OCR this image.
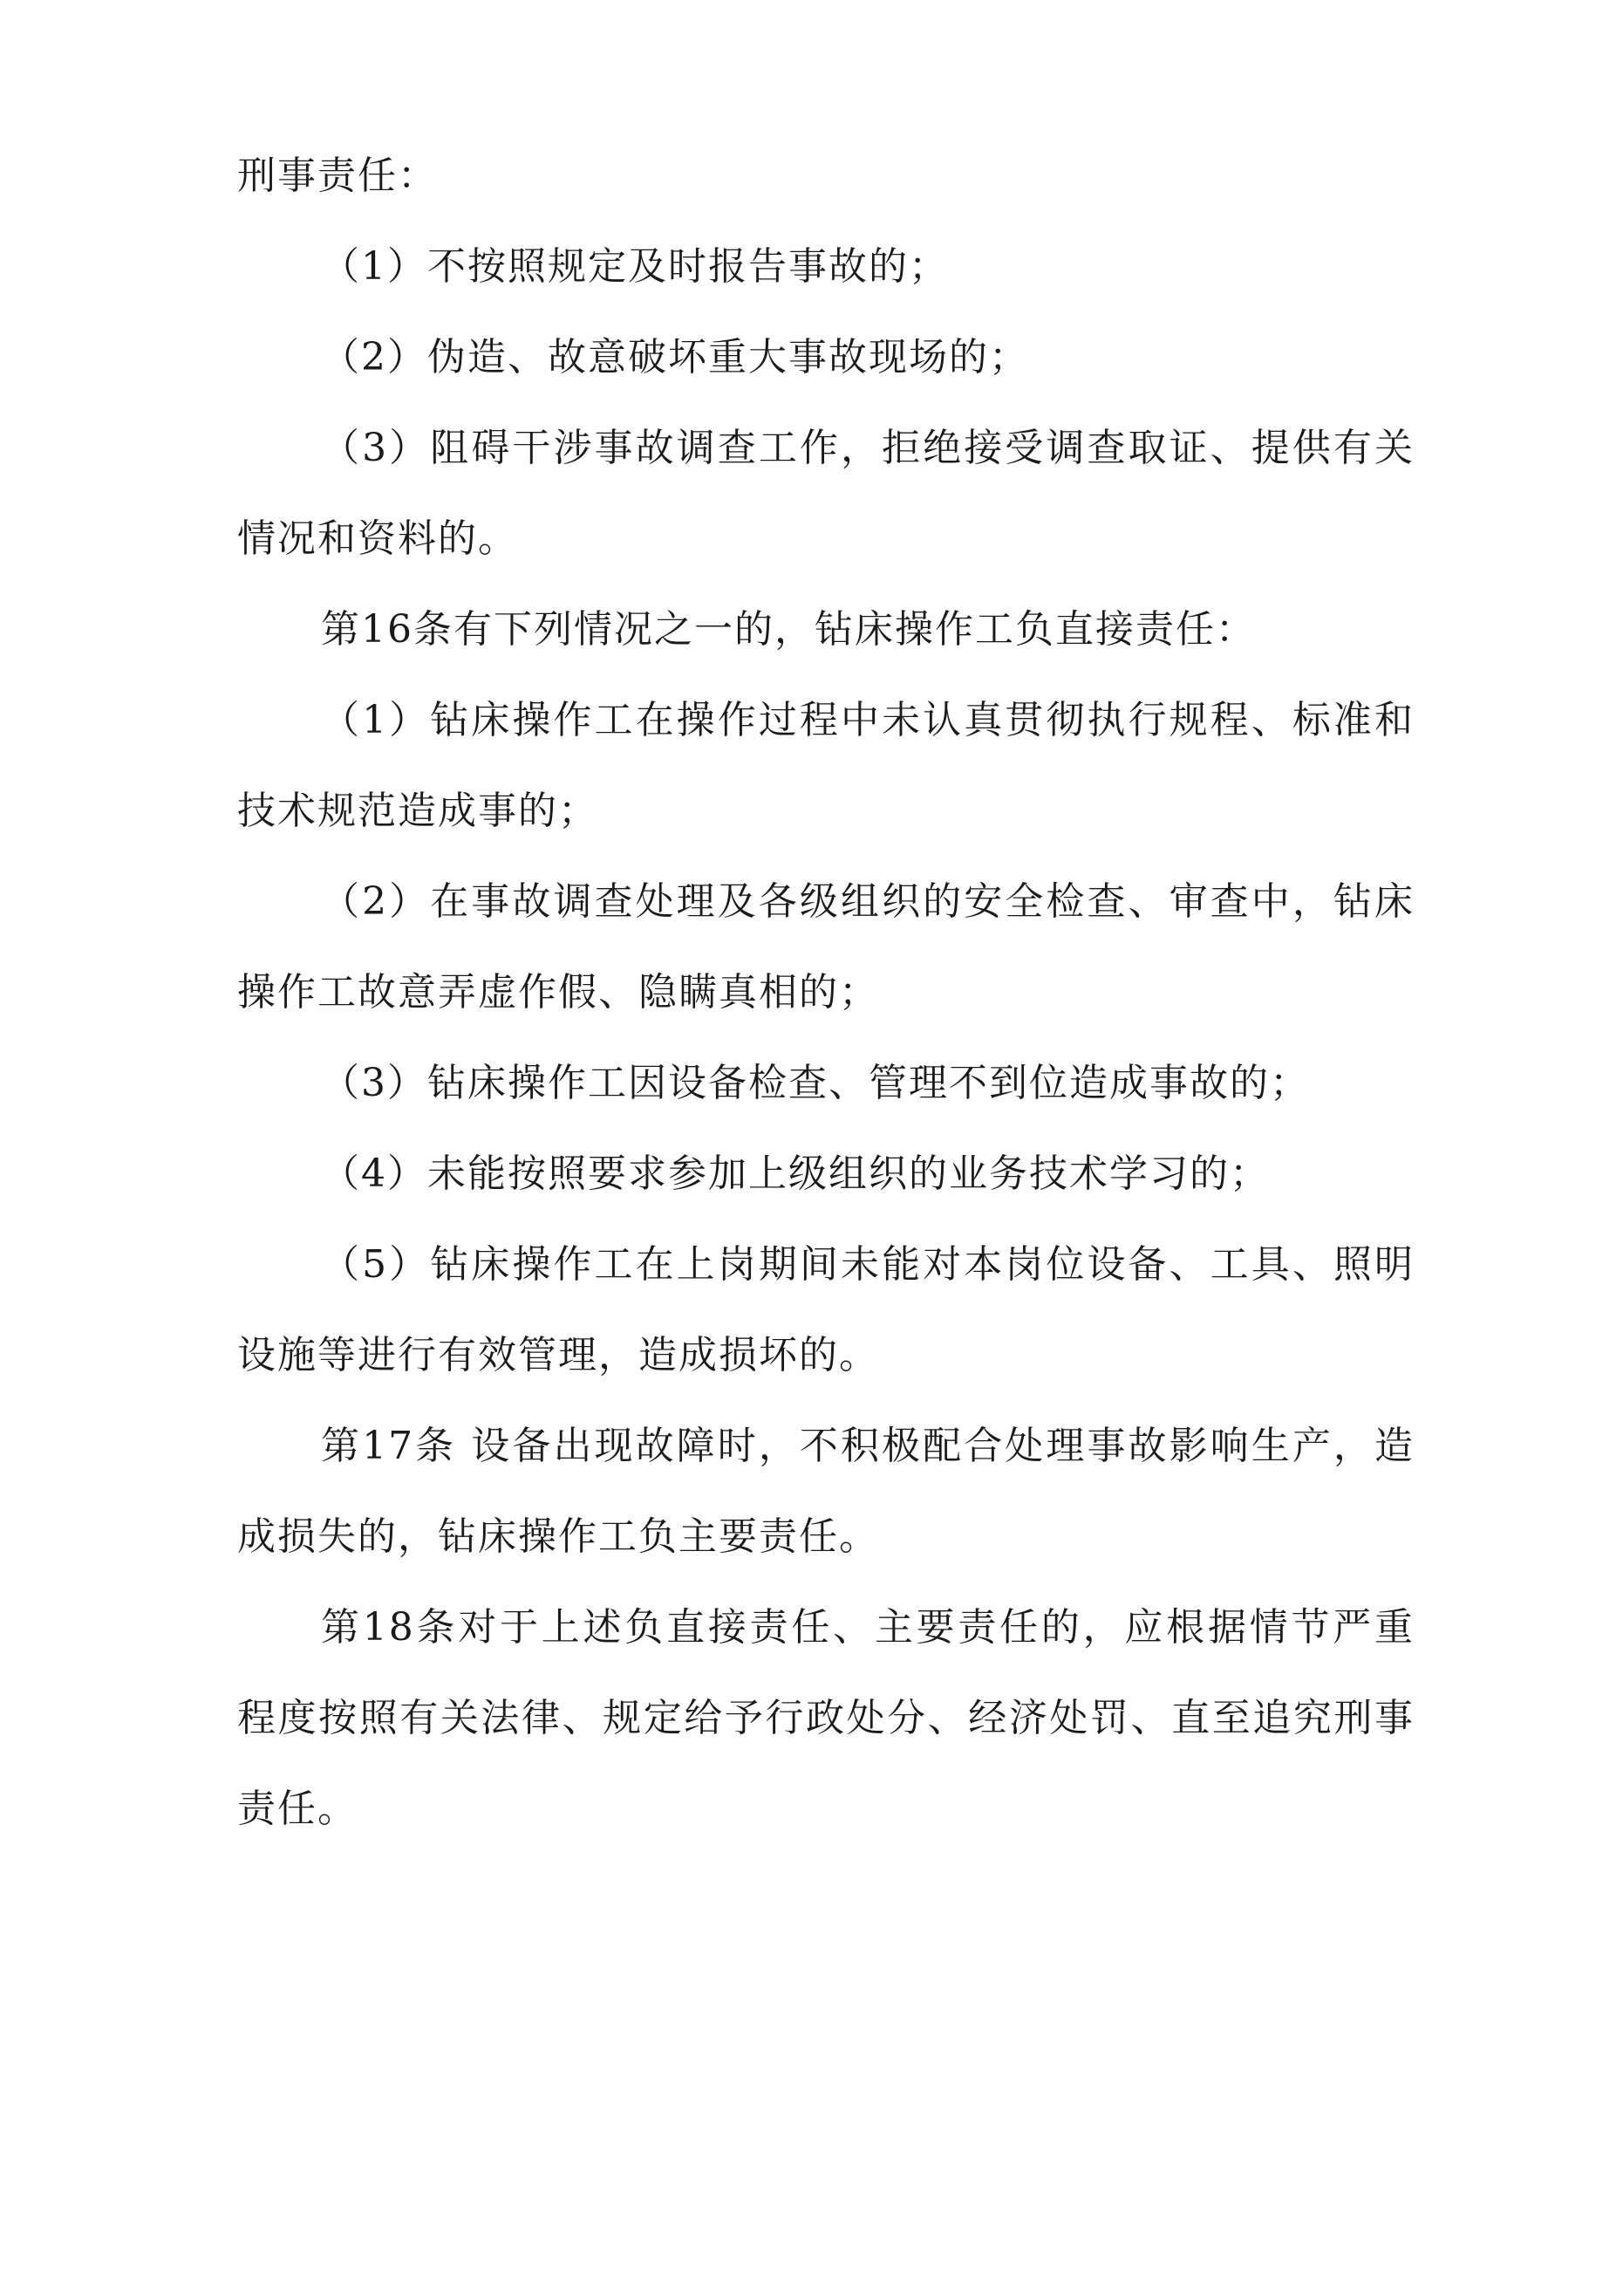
刑事责任：

（1）不按照规定及时报告事故的；

（2）伪造、故意破坏重大事故现场的；

（3）阻碍干涉事故调查工作，拒绝接受调查取证、提供有关情况和资料的。

第16条有下列情况之一的，钻床操作工负直接责任：

（1）钻床操作工在操作过程中未认真贯彻执行规程、标准和技术规范造成事的；

（2）在事故调查处理及各级组织的安全检查、审查中，钻床操作工故意弄虚作假、隐瞒真相的；

（3）钻床操作工因设备检查、管理不到位造成事故的；

（4）未能按照要求参加上级组织的业务技术学习的；

（5）钻床操作工在上岗期间未能对本岗位设备、工具、照明设施等进行有效管理，造成损坏的。

第17条 设备出现故障时，不积极配合处理事故影响生产，造成损失的，钻床操作工负主要责任。

第18条对于上述负直接责任、主要责任的，应根据情节严重程度按照有关法律、规定给予行政处分、经济处罚、直至追究刑事责任。
